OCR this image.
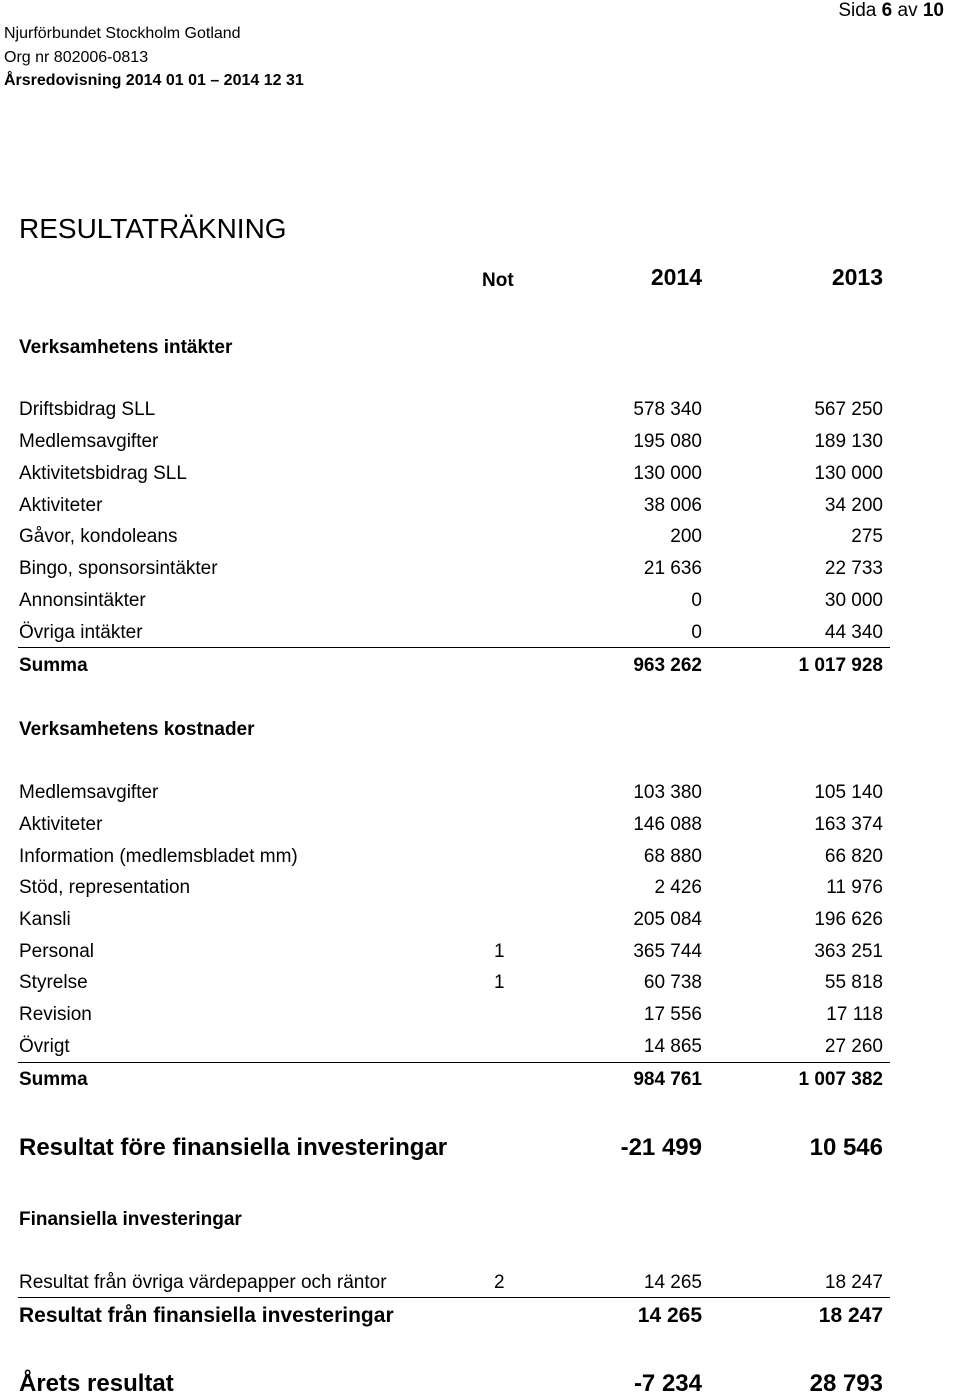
Njurförbundet Stockholm Gotland
Org nr 802006-0813
Årsredovisning 2014 01 01 – 2014 12 31
Sida 6 av 10
RESULTATRÄKNING
Not	2014	2013
Verksamhetens intäkter
Driftsbidrag SLL	578 340	567 250
Medlemsavgifter	195 080	189 130
Aktivitetsbidrag SLL	130 000	130 000
Aktiviteter	38 006	34 200
Gåvor, kondoleans	200	275
Bingo, sponsorsintäkter	21 636	22 733
Annonsintäkter	0	30 000
Övriga intäkter	0	44 340
Summa	963 262	1 017 928
Verksamhetens kostnader
Medlemsavgifter	103 380	105 140
Aktiviteter	146 088	163 374
Information (medlemsbladet mm)	68 880	66 820
Stöd, representation	2 426	11 976
Kansli	205 084	196 626
Personal	1	365 744	363 251
Styrelse	1	60 738	55 818
Revision	17 556	17 118
Övrigt	14 865	27 260
Summa	984 761	1 007 382
Resultat före finansiella investeringar	-21 499	10 546
Finansiella investeringar
Resultat från övriga värdepapper och räntor	2	14 265	18 247
Resultat från finansiella investeringar	14 265	18 247
Årets resultat	-7 234	28 793
